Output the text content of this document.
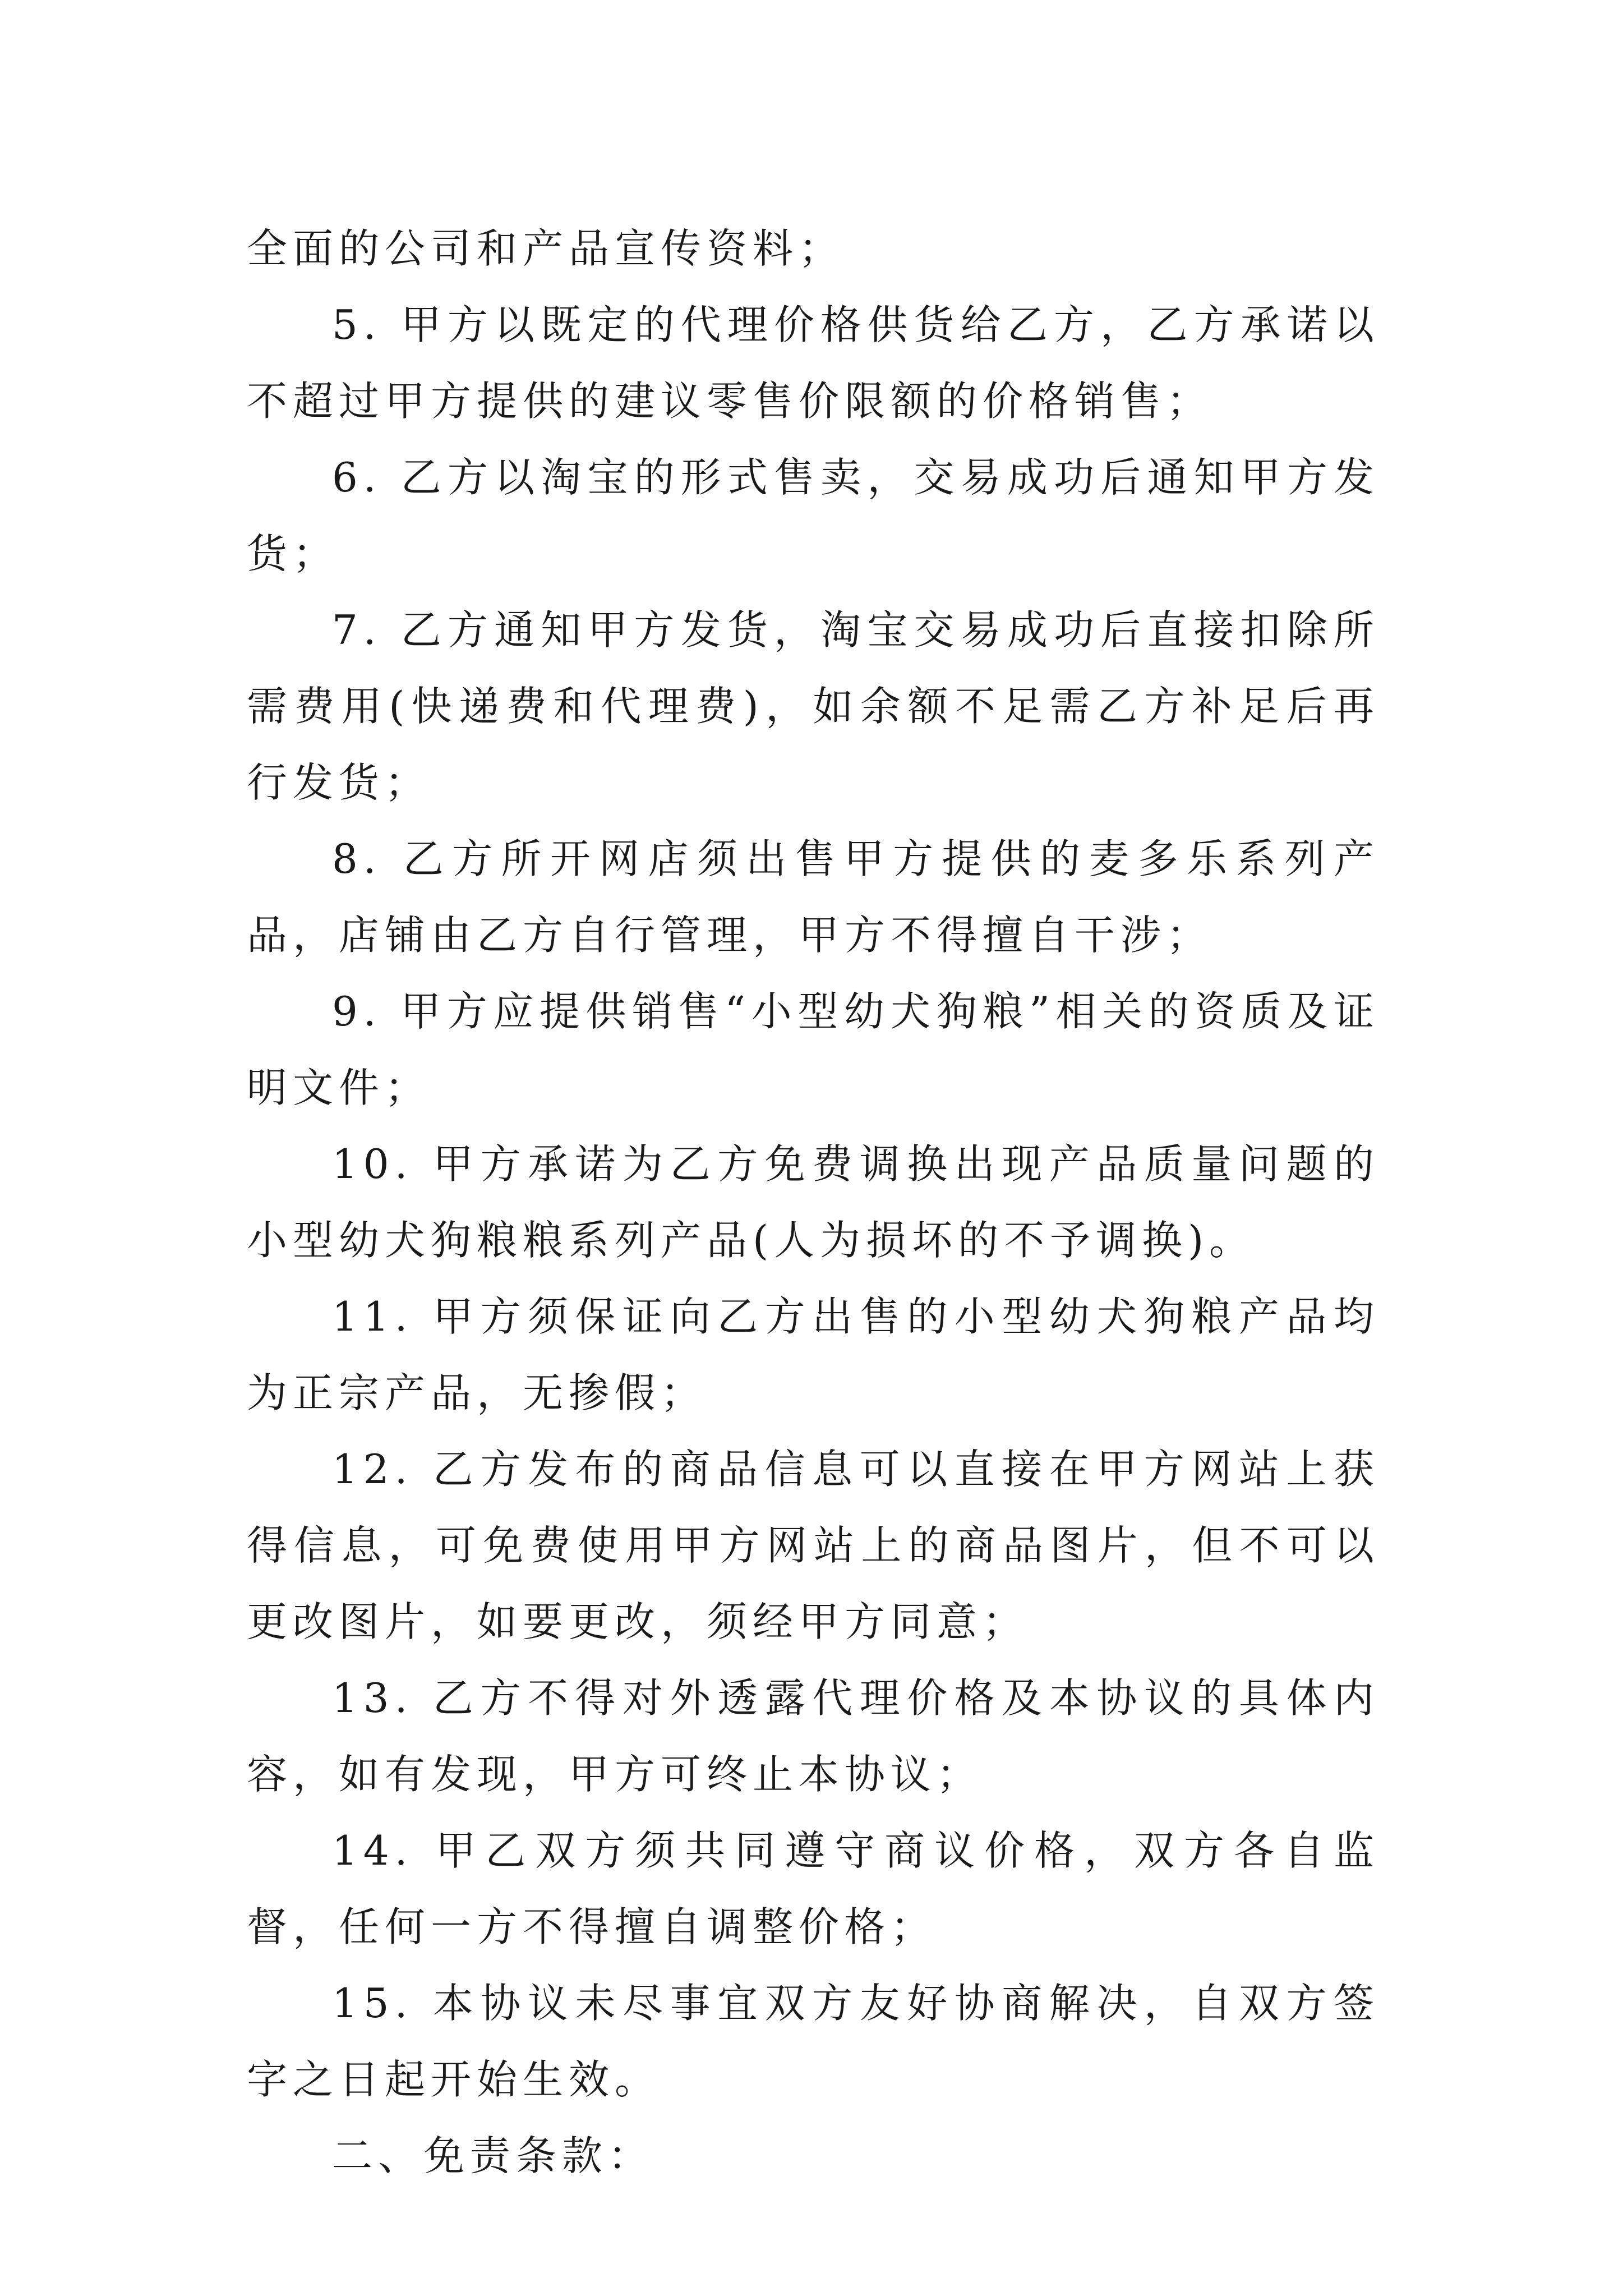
全面的公司和产品宣传资料；

5. 甲方以既定的代理价格供货给乙方，乙方承诺以不超过甲方提供的建议零售价限额的价格销售；

6. 乙方以淘宝的形式售卖，交易成功后通知甲方发货；

7. 乙方通知甲方发货，淘宝交易成功后直接扣除所需费用(快递费和代理费)，如余额不足需乙方补足后再行发货；

8. 乙方所开网店须出售甲方提供的麦多乐系列产品，店铺由乙方自行管理，甲方不得擅自干涉；

9. 甲方应提供销售“小型幼犬狗粮”相关的资质及证明文件；

10. 甲方承诺为乙方免费调换出现产品质量问题的 小型幼犬狗粮粮系列产品(人为损坏的不予调换)。

11. 甲方须保证向乙方出售的小型幼犬狗粮产品均为正宗产品，无掺假；

12. 乙方发布的商品信息可以直接在甲方网站上获得信息，可免费使用甲方网站上的商品图片，但不可以更改图片，如要更改，须经甲方同意；

13. 乙方不得对外透露代理价格及本协议的具体内容，如有发现，甲方可终止本协议；

14. 甲乙双方须共同遵守商议价格，双方各自监督，任何一方不得擅自调整价格；

15. 本协议未尽事宜双方友好协商解决，自双方签字之日起开始生效。

二、免责条款：
